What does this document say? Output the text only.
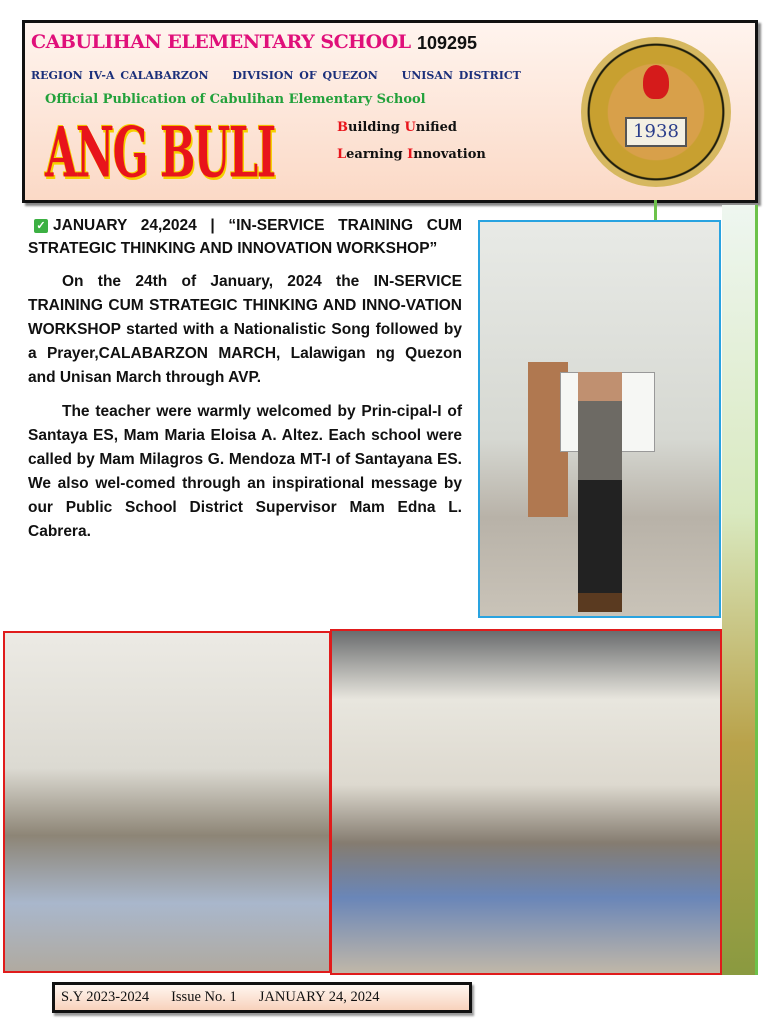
CABULIHAN ELEMENTARY SCHOOL 109295
REGION IV-A CALABARZON DIVISION OF QUEZON UNISAN DISTRICT
Official Publication of Cabulihan Elementary School
ANG BULI	Building Unified
Learning Innovation
1938
✓ JANUARY 24,2024 | “IN-SERVICE TRAINING CUM STRATEGIC THINKING AND INNOVATION WORKSHOP”

On the 24th of January, 2024 the IN-SERVICE TRAINING CUM STRATEGIC THINKING AND INNO-VATION WORKSHOP started with a Nationalistic Song followed by a Prayer,CALABARZON MARCH, Lalawigan ng Quezon and Unisan March through AVP.

The teacher were warmly welcomed by Prin-cipal-I of Santaya ES, Mam Maria Eloisa A. Altez. Each school were called by Mam Milagros G. Mendoza MT-I of Santayana ES. We also wel-comed through an inspirational message by our Public School District Supervisor Mam Edna L. Cabrera.

S.Y 2023-2024 Issue No. 1 JANUARY 24, 2024
